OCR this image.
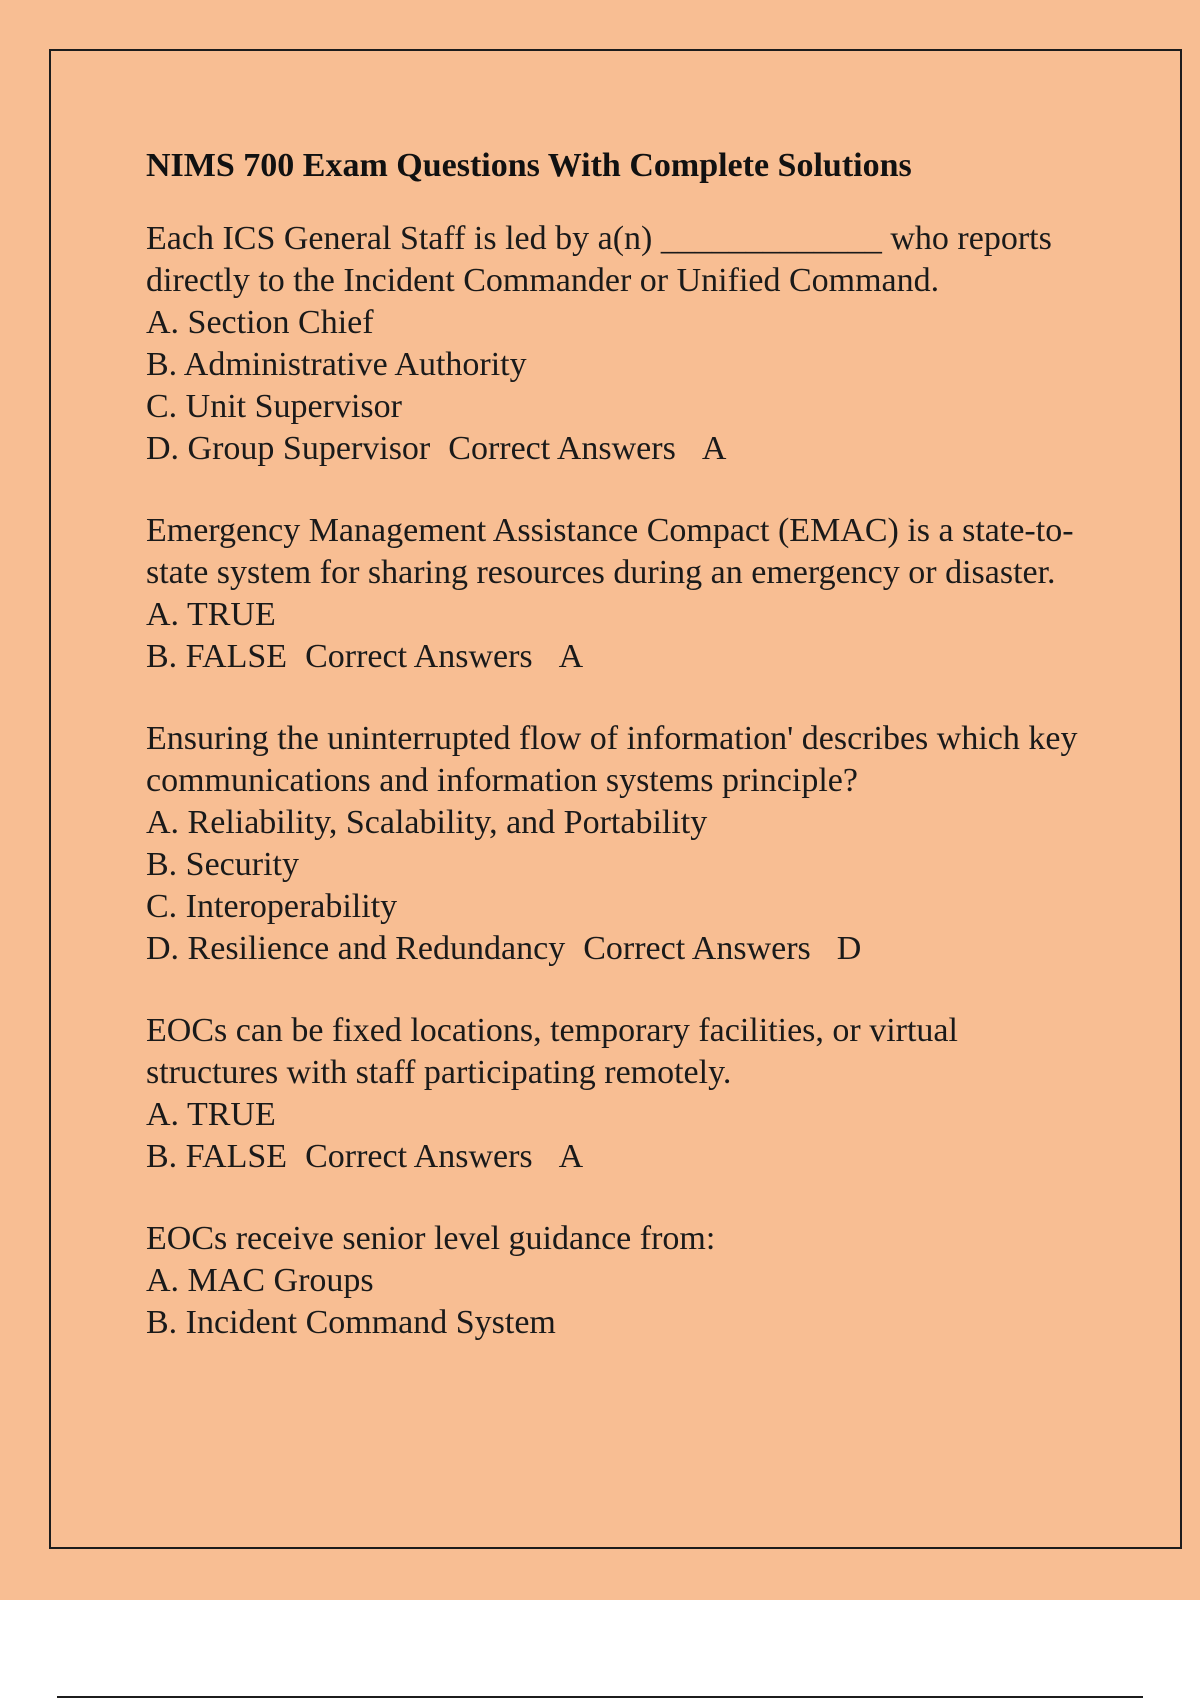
NIMS 700 Exam Questions With Complete Solutions

Each ICS General Staff is led by a(n) _____________ who reports directly to the Incident Commander or Unified Command.

A. Section Chief
B. Administrative Authority
C. Unit Supervisor

D. Group Supervisor Correct Answers A

Emergency Management Assistance Compact (EMAC) is a state-to-state system for sharing resources during an emergency or disaster.

A. TRUE

B. FALSE Correct Answers A

Ensuring the uninterrupted flow of information' describes which key communications and information systems principle?

A. Reliability, Scalability, and Portability
B. Security
C. Interoperability

D. Resilience and Redundancy Correct Answers D

EOCs can be fixed locations, temporary facilities, or virtual structures with staff participating remotely.

A. TRUE

B. FALSE Correct Answers A

EOCs receive senior level guidance from:

A. MAC Groups
B. Incident Command System
